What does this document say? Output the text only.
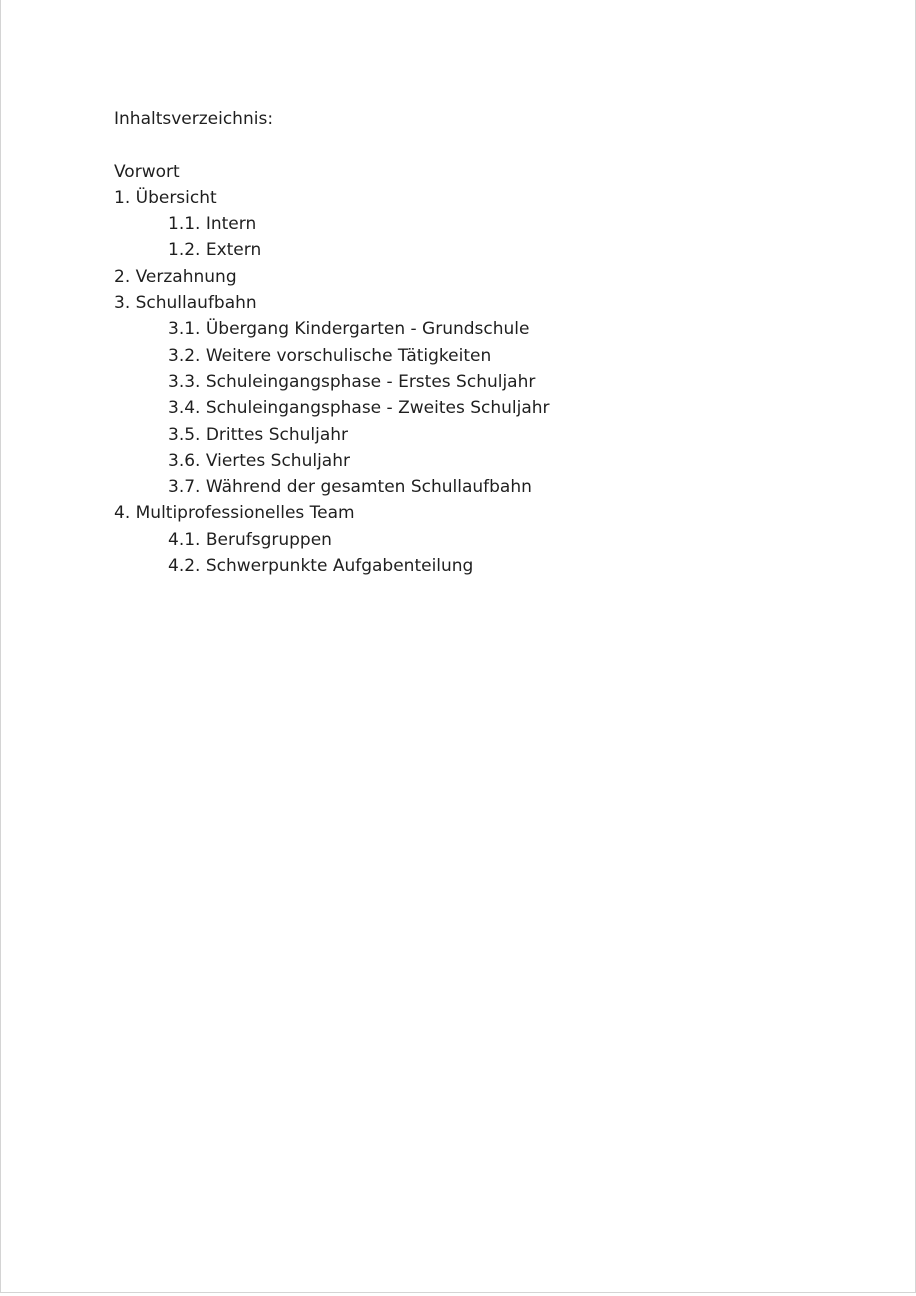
Inhaltsverzeichnis:
Vorwort
1. Übersicht
1.1. Intern
1.2. Extern
2. Verzahnung
3. Schullaufbahn
3.1. Übergang Kindergarten - Grundschule
3.2. Weitere vorschulische Tätigkeiten
3.3. Schuleingangsphase - Erstes Schuljahr
3.4. Schuleingangsphase - Zweites Schuljahr
3.5. Drittes Schuljahr
3.6. Viertes Schuljahr
3.7. Während der gesamten Schullaufbahn
4. Multiprofessionelles Team
4.1. Berufsgruppen
4.2. Schwerpunkte Aufgabenteilung
